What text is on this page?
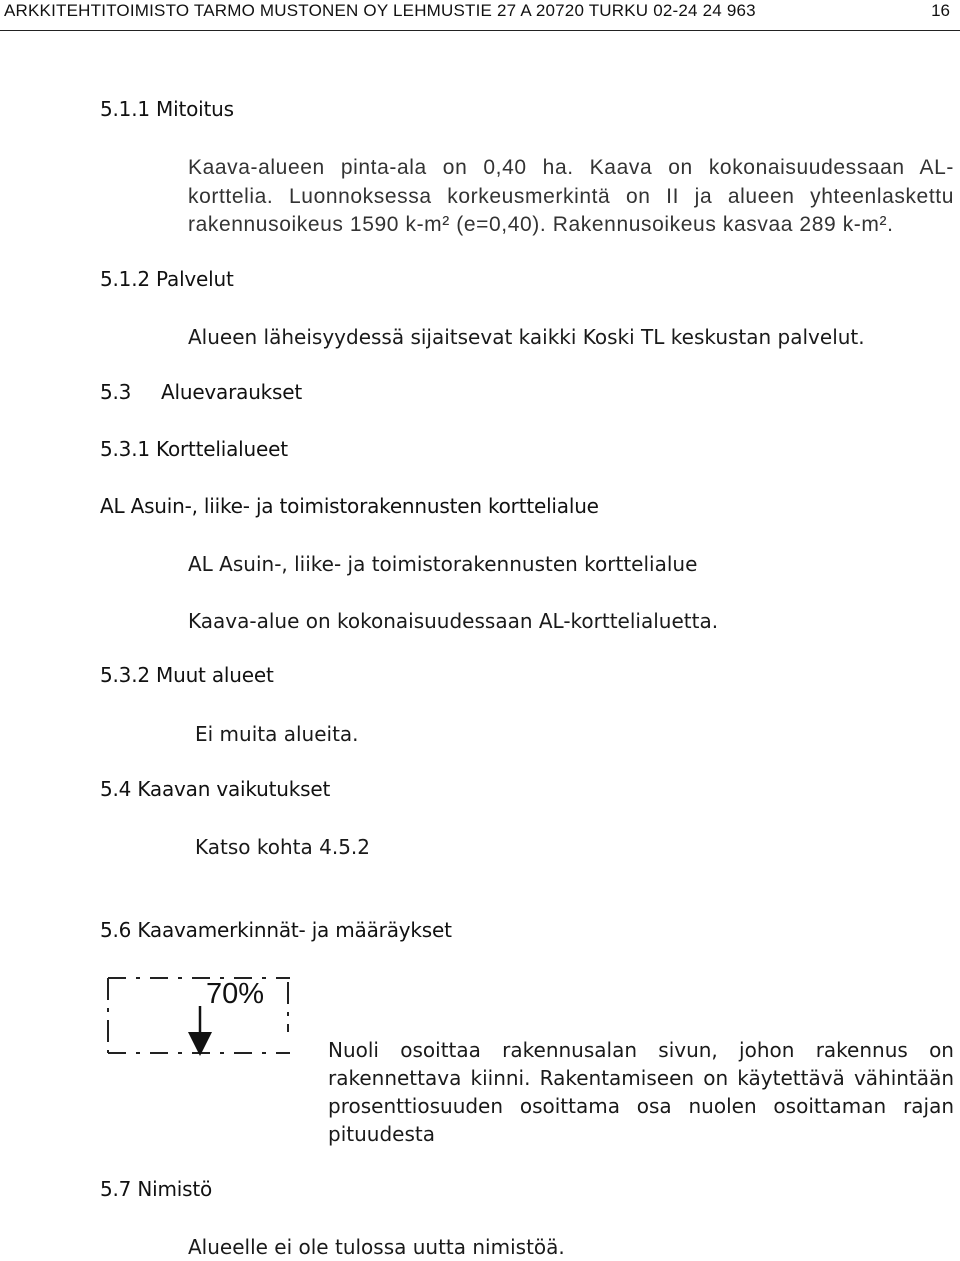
ARKKITEHTITOIMISTO TARMO MUSTONEN OY LEHMUSTIE 27 A 20720 TURKU 02-24 24 963	16
5.1.1 Mitoitus
Kaava-alueen pinta-ala on 0,40 ha. Kaava on kokonaisuudessaan AL-korttelia. Luonnoksessa korkeusmerkintä on II ja alueen yhteenlaskettu rakennusoikeus 1590 k-m² (e=0,40). Rakennusoikeus kasvaa 289 k-m².
5.1.2 Palvelut
Alueen läheisyydessä sijaitsevat kaikki Koski TL keskustan palvelut.
5.3 Aluevaraukset
5.3.1 Korttelialueet
AL Asuin-, liike- ja toimistorakennusten korttelialue
AL Asuin-, liike- ja toimistorakennusten korttelialue
Kaava-alue on kokonaisuudessaan AL-korttelialuetta.
5.3.2 Muut alueet
Ei muita alueita.
5.4 Kaavan vaikutukset
Katso kohta 4.5.2
5.6 Kaavamerkinnät- ja määräykset
70%
Nuoli osoittaa rakennusalan sivun, johon rakennus on rakennettava kiinni. Rakentamiseen on käytettävä vähintään prosenttiosuuden osoittama osa nuolen osoittaman rajan pituudesta
5.7 Nimistö
Alueelle ei ole tulossa uutta nimistöä.
